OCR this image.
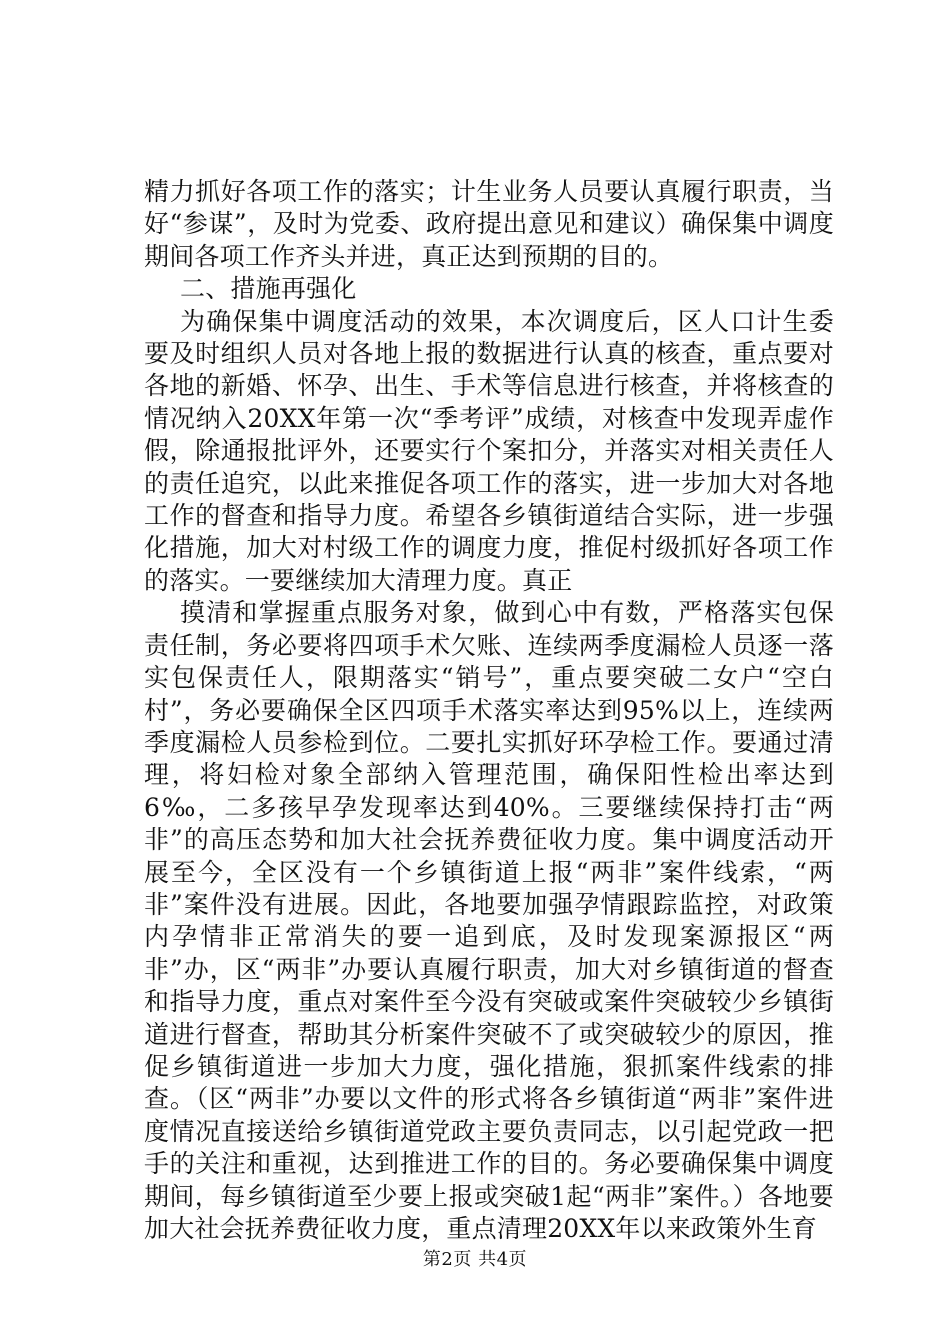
精力抓好各项工作的落实；计生业务人员要认真履行职责，当好“参谋”，及时为党委、政府提出意见和建议）确保集中调度期间各项工作齐头并进，真正达到预期的目的。

二、措施再强化

为确保集中调度活动的效果，本次调度后，区人口计生委要及时组织人员对各地上报的数据进行认真的核查，重点要对各地的新婚、怀孕、出生、手术等信息进行核查，并将核查的情况纳入20XX年第一次“季考评”成绩，对核查中发现弄虚作假，除通报批评外，还要实行个案扣分，并落实对相关责任人的责任追究，以此来推促各项工作的落实，进一步加大对各地工作的督查和指导力度。希望各乡镇街道结合实际，进一步强化措施，加大对村级工作的调度力度，推促村级抓好各项工作的落实。一要继续加大清理力度。真正

摸清和掌握重点服务对象，做到心中有数，严格落实包保责任制，务必要将四项手术欠账、连续两季度漏检人员逐一落实包保责任人，限期落实“销号”，重点要突破二女户“空白村”，务必要确保全区四项手术落实率达到95%以上，连续两季度漏检人员参检到位。二要扎实抓好环孕检工作。要通过清理，将妇检对象全部纳入管理范围，确保阳性检出率达到6‰，二多孩早孕发现率达到40%。三要继续保持打击“两非”的高压态势和加大社会抚养费征收力度。集中调度活动开展至今，全区没有一个乡镇街道上报“两非”案件线索，“两非”案件没有进展。因此，各地要加强孕情跟踪监控，对政策内孕情非正常消失的要一追到底，及时发现案源报区“两非”办，区“两非”办要认真履行职责，加大对乡镇街道的督查和指导力度，重点对案件至今没有突破或案件突破较少乡镇街道进行督查，帮助其分析案件突破不了或突破较少的原因，推促乡镇街道进一步加大力度，强化措施，狠抓案件线索的排查。（区“两非”办要以文件的形式将各乡镇街道“两非”案件进度情况直接送给乡镇街道党政主要负责同志，以引起党政一把手的关注和重视，达到推进工作的目的。务必要确保集中调度期间，每乡镇街道至少要上报或突破1起“两非”案件。）各地要加大社会抚养费征收力度，重点清理20XX年以来政策外生育

第2页 共4页
